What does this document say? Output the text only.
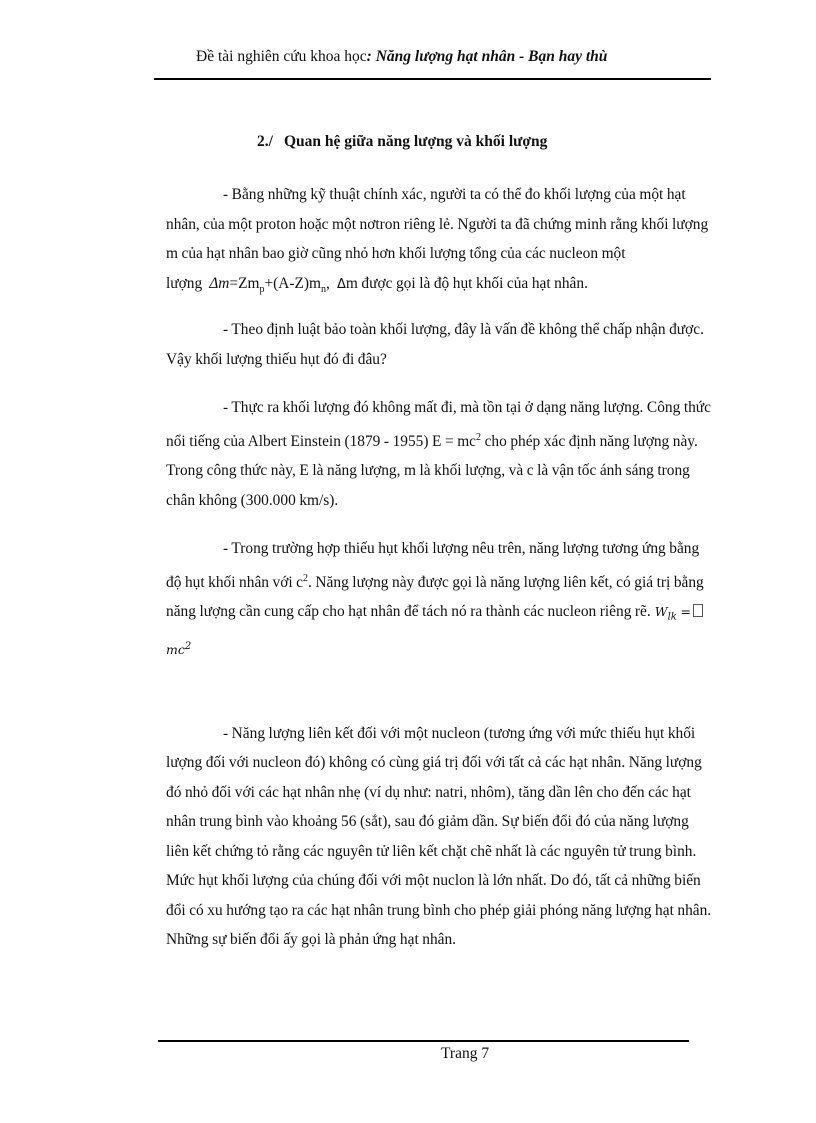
Đề tài nghiên cứu khoa học: Năng lượng hạt nhân - Bạn hay thù
2./ Quan hệ giữa năng lượng và khối lượng

- Bằng những kỹ thuật chính xác, người ta có thể đo khối lượng của một hạt nhân, của một proton hoặc một nơtron riêng lẻ. Người ta đã chứng minh rằng khối lượng m của hạt nhân bao giờ cũng nhỏ hơn khối lượng tổng của các nucleon một lượng $\Delta m=Zm_p+(A-Z)m_n$, Δm được gọi là độ hụt khối của hạt nhân.

- Theo định luật bảo toàn khối lượng, đây là vấn đề không thể chấp nhận được. Vậy khối lượng thiếu hụt đó đi đâu?

- Thực ra khối lượng đó không mất đi, mà tồn tại ở dạng năng lượng. Công thức nổi tiếng của Albert Einstein (1879 - 1955) $E = mc^2$ cho phép xác định năng lượng này. Trong công thức này, E là năng lượng, m là khối lượng, và c là vận tốc ánh sáng trong chân không (300.000 km/s).

- Trong trường hợp thiếu hụt khối lượng nêu trên, năng lượng tương ứng bằng độ hụt khối nhân với $c^2$. Năng lượng này được gọi là năng lượng liên kết, có giá trị bằng năng lượng cần cung cấp cho hạt nhân để tách nó ra thành các nucleon riêng rẽ. $W_{lk} =mc^2$

- Năng lượng liên kết đối với một nucleon (tương ứng với mức thiếu hụt khối lượng đối với nucleon đó) không có cùng giá trị đối với tất cả các hạt nhân. Năng lượng đó nhỏ đối với các hạt nhân nhẹ (ví dụ như: natri, nhôm), tăng dần lên cho đến các hạt nhân trung bình vào khoảng 56 (sắt), sau đó giảm dần. Sự biến đổi đó của năng lượng liên kết chứng tỏ rằng các nguyên tử liên kết chặt chẽ nhất là các nguyên tử trung bình. Mức hụt khối lượng của chúng đối với một nuclon là lớn nhất. Do đó, tất cả những biến đổi có xu hướng tạo ra các hạt nhân trung bình cho phép giải phóng năng lượng hạt nhân. Những sự biến đổi ấy gọi là phản ứng hạt nhân.

Trang 7
